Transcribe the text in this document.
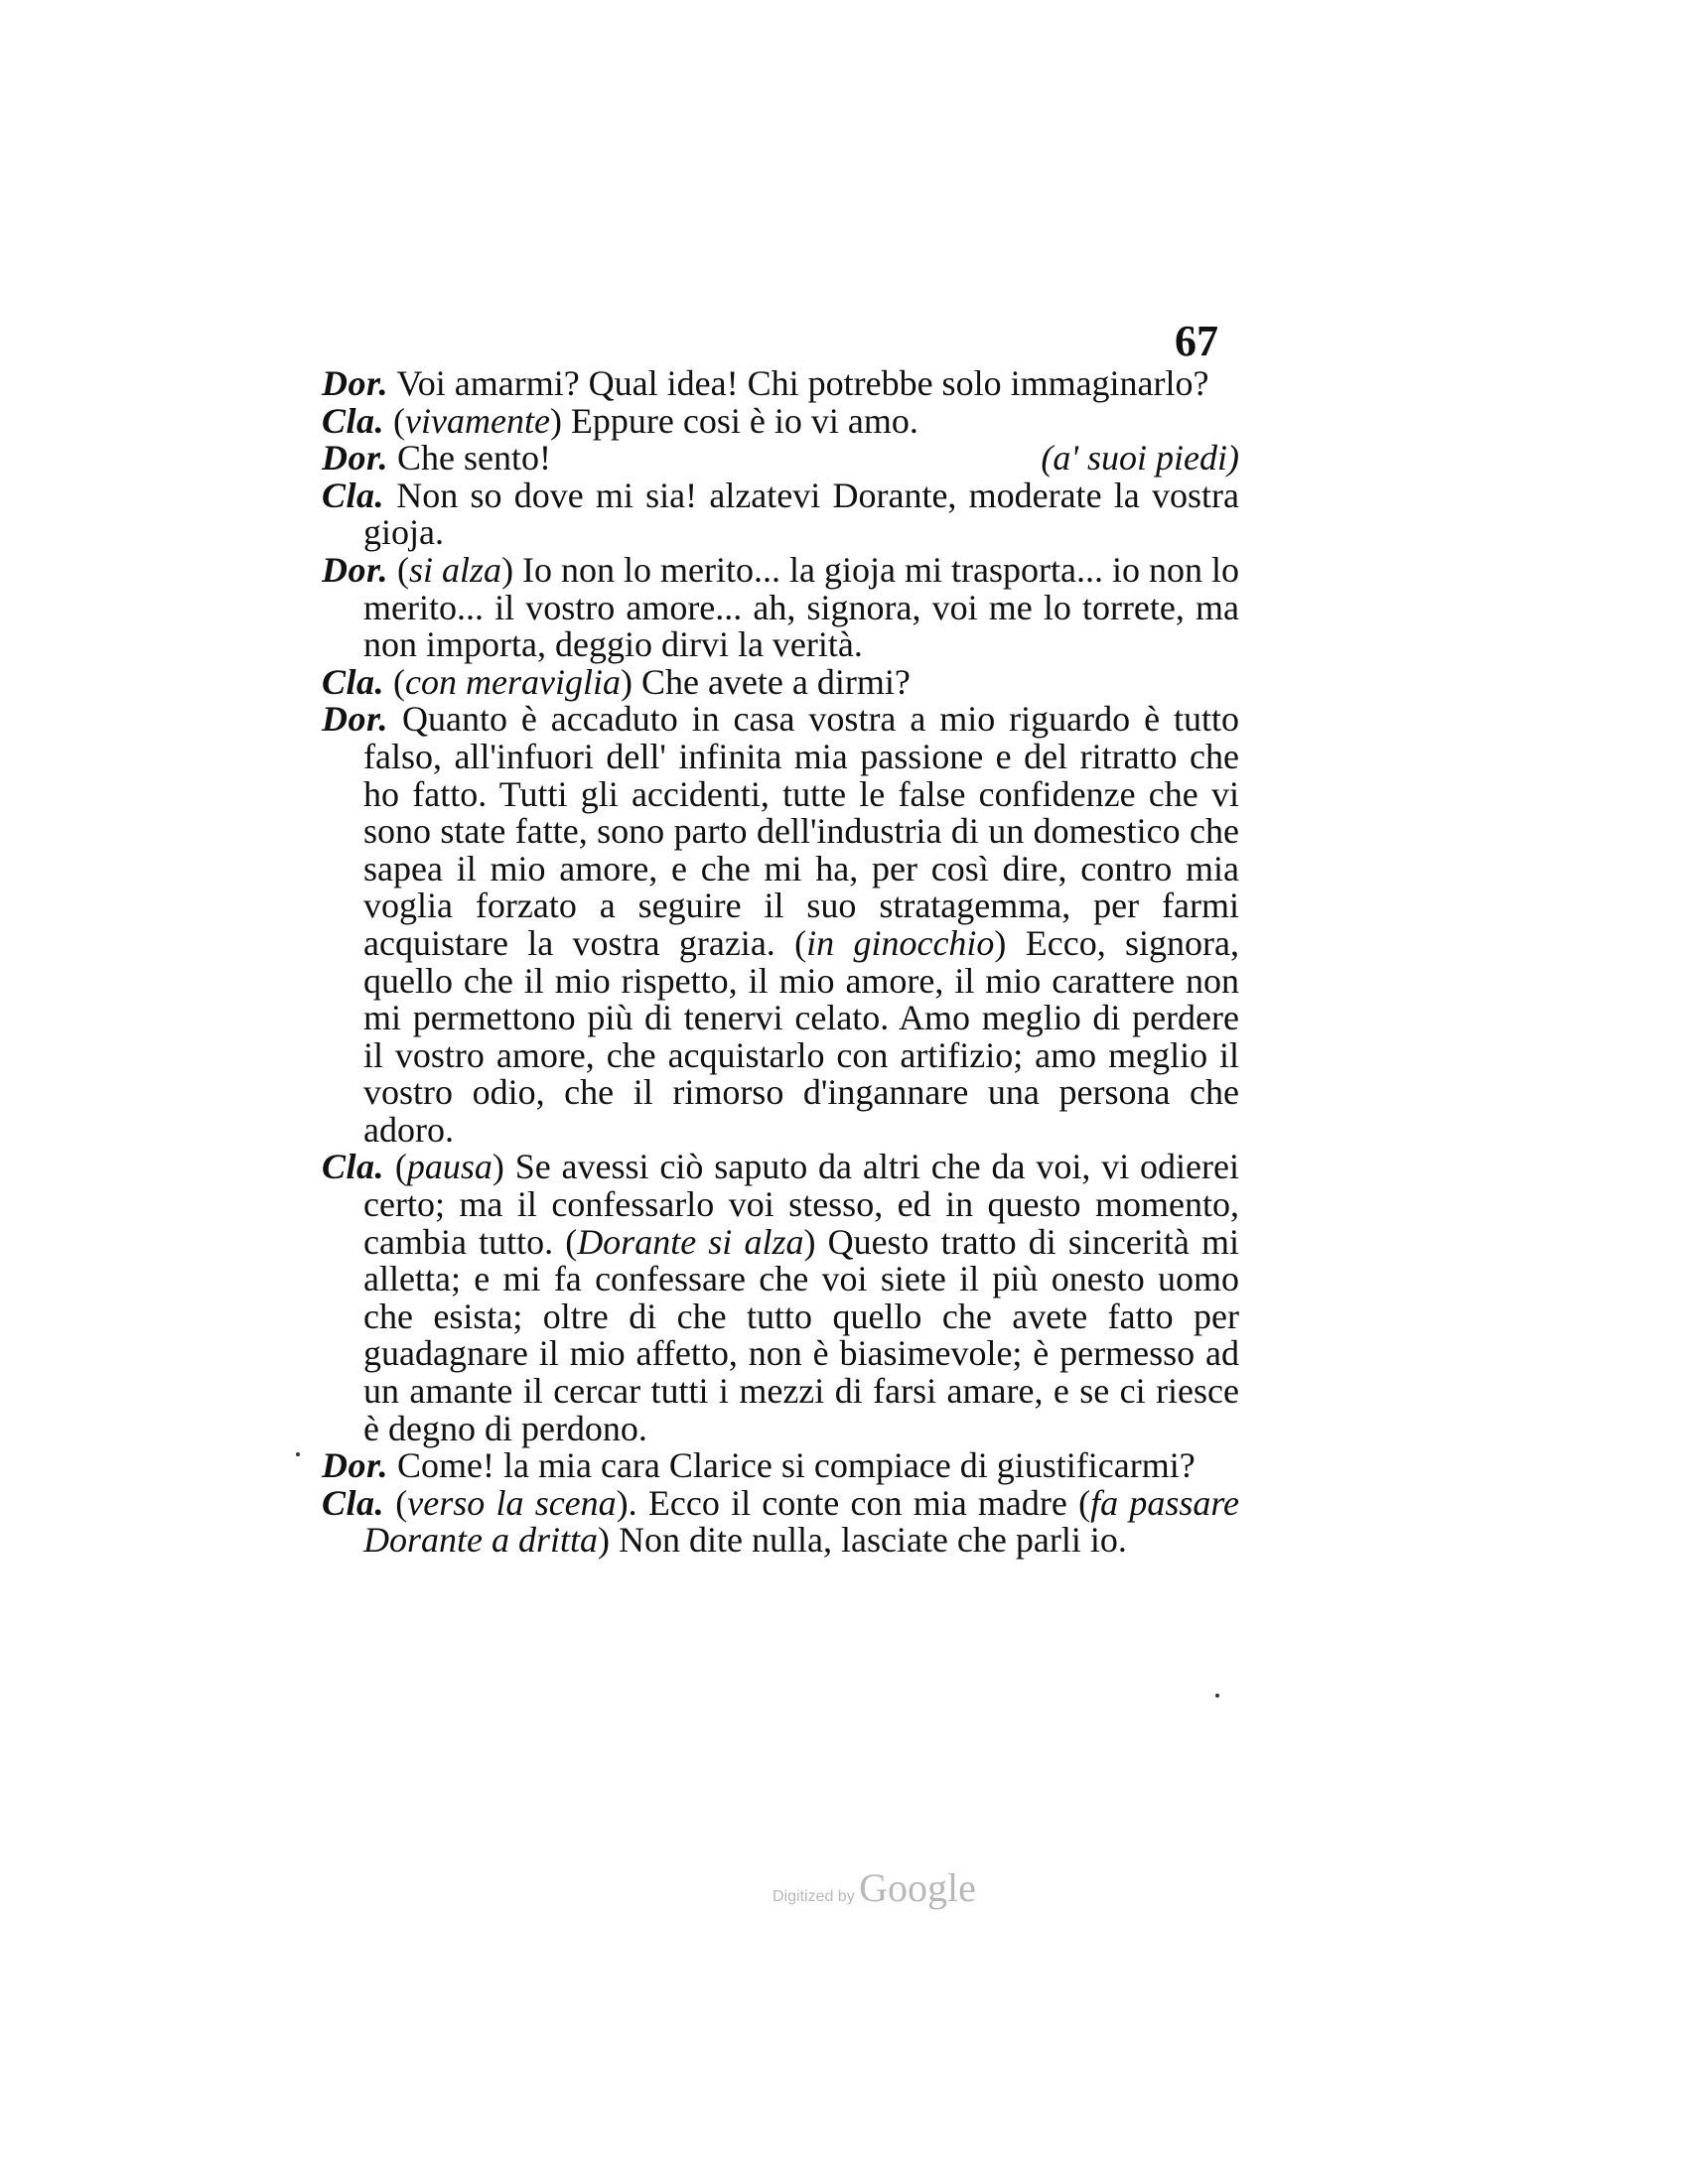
67

Dor. Voi amarmi? Qual idea! Chi potrebbe solo immaginarlo?

Cla. (vivamente) Eppure cosi è io vi amo.

Dor. Che sento!	(a' suoi piedi)

Cla. Non so dove mi sia! alzatevi Dorante, moderate la vostra gioja.

Dor. (si alza) Io non lo merito... la gioja mi trasporta... io non lo merito... il vostro amore... ah, signora, voi me lo torrete, ma non importa, deggio dirvi la verità.

Cla. (con meraviglia) Che avete a dirmi?

Dor. Quanto è accaduto in casa vostra a mio riguardo è tutto falso, all'infuori dell' infinita mia passione e del ritratto che ho fatto. Tutti gli accidenti, tutte le false confidenze che vi sono state fatte, sono parto dell'industria di un domestico che sapea il mio amore, e che mi ha, per così dire, contro mia voglia forzato a seguire il suo stratagemma, per farmi acquistare la vostra grazia. (in ginocchio) Ecco, signora, quello che il mio rispetto, il mio amore, il mio carattere non mi permettono più di tenervi celato. Amo meglio di perdere il vostro amore, che acquistarlo con artifizio; amo meglio il vostro odio, che il rimorso d'ingannare una persona che adoro.

Cla. (pausa) Se avessi ciò saputo da altri che da voi, vi odierei certo; ma il confessarlo voi stesso, ed in questo momento, cambia tutto. (Dorante si alza) Questo tratto di sincerità mi alletta; e mi fa confessare che voi siete il più onesto uomo che esista; oltre di che tutto quello che avete fatto per guadagnare il mio affetto, non è biasimevole; è permesso ad un amante il cercar tutti i mezzi di farsi amare, e se ci riesce è degno di perdono.

Dor. Come! la mia cara Clarice si compiace di giustificarmi?

Cla. (verso la scena). Ecco il conte con mia madre (fa passare Dorante a dritta) Non dite nulla, lasciate che parli io.

Digitized by Google
